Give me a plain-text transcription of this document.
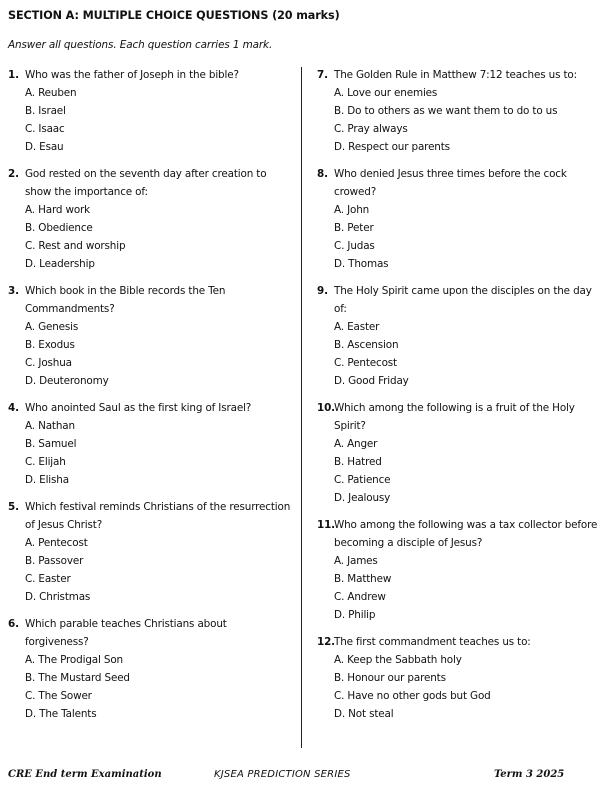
SECTION A: MULTIPLE CHOICE QUESTIONS (20 marks)
Answer all questions. Each question carries 1 mark.
1. Who was the father of Joseph in the bible?
A. Reuben
B. Israel
C. Isaac
D. Esau
2. God rested on the seventh day after creation to show the importance of:
A. Hard work
B. Obedience
C. Rest and worship
D. Leadership
3. Which book in the Bible records the Ten Commandments?
A. Genesis
B. Exodus
C. Joshua
D. Deuteronomy
4. Who anointed Saul as the first king of Israel?
A. Nathan
B. Samuel
C. Elijah
D. Elisha
5. Which festival reminds Christians of the resurrection of Jesus Christ?
A. Pentecost
B. Passover
C. Easter
D. Christmas
6. Which parable teaches Christians about forgiveness?
A. The Prodigal Son
B. The Mustard Seed
C. The Sower
D. The Talents
7. The Golden Rule in Matthew 7:12 teaches us to:
A. Love our enemies
B. Do to others as we want them to do to us
C. Pray always
D. Respect our parents
8. Who denied Jesus three times before the cock crowed?
A. John
B. Peter
C. Judas
D. Thomas
9. The Holy Spirit came upon the disciples on the day of:
A. Easter
B. Ascension
C. Pentecost
D. Good Friday
10. Which among the following is a fruit of the Holy Spirit?
A. Anger
B. Hatred
C. Patience
D. Jealousy
11. Who among the following was a tax collector before becoming a disciple of Jesus?
A. James
B. Matthew
C. Andrew
D. Philip
12. The first commandment teaches us to:
A. Keep the Sabbath holy
B. Honour our parents
C. Have no other gods but God
D. Not steal
CRE End term Examination	KJSEA PREDICTION SERIES	Term 3 2025
